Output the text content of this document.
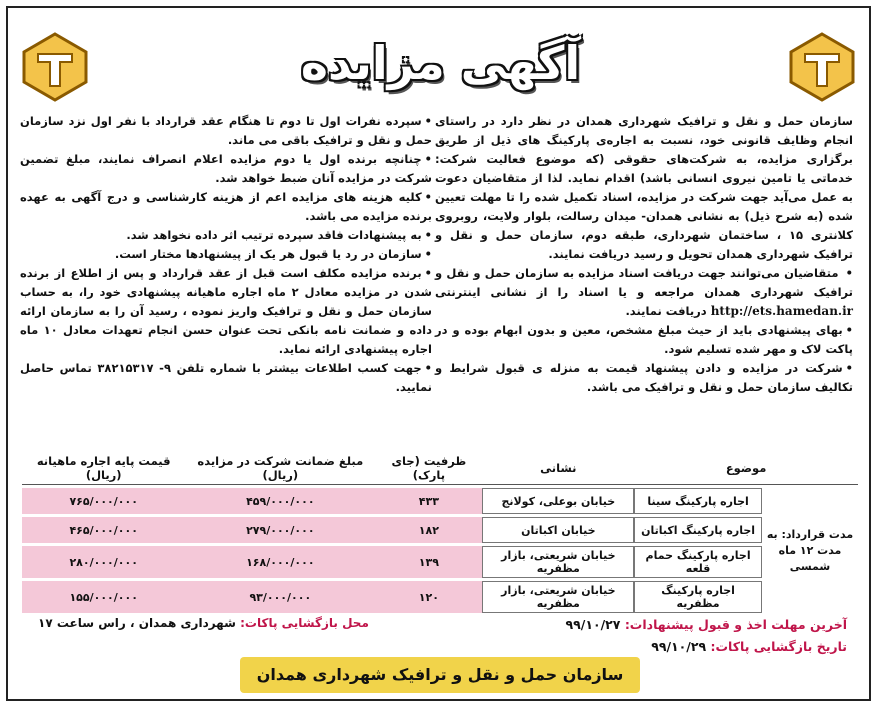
آگهی مزایده

سازمان حمل و نقل و ترافیک شهرداری همدان در نظر دارد در راستای انجام وظایف قانونی خود، نسبت به اجاره‌ی پارکینگ های ذیل از طریق برگزاری مزایده، به شرکت‌های حقوقی (که موضوع فعالیت شرکت: خدماتی یا تامین نیروی انسانی باشد) اقدام نماید. لذا از متقاضیان دعوت به عمل می‌آید جهت شرکت در مزایده، اسناد تکمیل شده را تا مهلت تعیین شده (به شرح ذیل) به نشانی همدان- میدان رسالت، بلوار ولایت، روبروی کلانتری ۱۵ ، ساختمان شهرداری، طبقه دوم، سازمان حمل و نقل و ترافیک شهرداری همدان تحویل و رسید دریافت نمایند.

• متقاضیان می‌توانند جهت دریافت اسناد مزایده به سازمان حمل و نقل و ترافیک شهرداری همدان مراجعه و یا اسناد را از نشانی اینترنتی http://ets.hamedan.ir دریافت نمایند.

• بهای پیشنهادی باید از حیث مبلغ مشخص، معین و بدون ابهام بوده و در پاکت لاک و مهر شده تسلیم شود.

• شرکت در مزایده و دادن پیشنهاد قیمت به منزله ی قبول شرایط و تکالیف سازمان حمل و نقل و ترافیک می باشد.

• سپرده نفرات اول تا دوم تا هنگام عقد قرارداد با نفر اول نزد سازمان حمل و نقل و ترافیک باقی می ماند.

• چنانچه برنده اول یا دوم مزایده اعلام انصراف نمایند، مبلغ تضمین شرکت در مزایده آنان ضبط خواهد شد.

• کلیه هزینه های مزایده اعم از هزینه کارشناسی و درج آگهی به عهده برنده مزایده می باشد.

• به پیشنهادات فاقد سپرده ترتیب اثر داده نخواهد شد.

• سازمان در رد یا قبول هر یک از پیشنهادها مختار است.

• برنده مزایده مکلف است قبل از عقد قرارداد و پس از اطلاع از برنده شدن در مزایده معادل ۲ ماه اجاره ماهیانه پیشنهادی خود را، به حساب سازمان حمل و نقل و ترافیک واریز نموده ، رسید آن را به سازمان ارائه داده و ضمانت نامه بانکی تحت عنوان حسن انجام تعهدات معادل ۱۰ ماه اجاره پیشنهادی ارائه نماید.

• جهت کسب اطلاعات بیشتر با شماره تلفن ۹- ۳۸۲۱۵۳۱۷ تماس حاصل نمایید.

موضوع		نشانی	ظرفیت (جای پارک)	مبلغ ضمانت شرکت در مزایده (ریال)	قیمت پایه اجاره ماهیانه (ریال)
مدت قرارداد: به مدت ۱۲ ماه شمسی	اجاره پارکینگ سینا	خیابان بوعلی، کولانج	۴۳۳	۴۵۹/۰۰۰/۰۰۰	۷۶۵/۰۰۰/۰۰۰
	اجاره پارکینگ اکباتان	خیابان اکباتان	۱۸۲	۲۷۹/۰۰۰/۰۰۰	۴۶۵/۰۰۰/۰۰۰
	اجاره پارکینگ حمام قلعه	خیابان شریعتی، بازار مظفریه	۱۳۹	۱۶۸/۰۰۰/۰۰۰	۲۸۰/۰۰۰/۰۰۰
	اجاره پارکینگ مظفریه	خیابان شریعتی، بازار مظفریه	۱۲۰	۹۳/۰۰۰/۰۰۰	۱۵۵/۰۰۰/۰۰۰
آخرین مهلت اخذ و قبول پیشنهادات: ۹۹/۱۰/۲۷
تاریخ بازگشایی پاکات: ۹۹/۱۰/۲۹
محل بازگشایی پاکات: شهرداری همدان ، راس ساعت ۱۷
سازمان حمل و نقل و ترافیک شهرداری همدان
